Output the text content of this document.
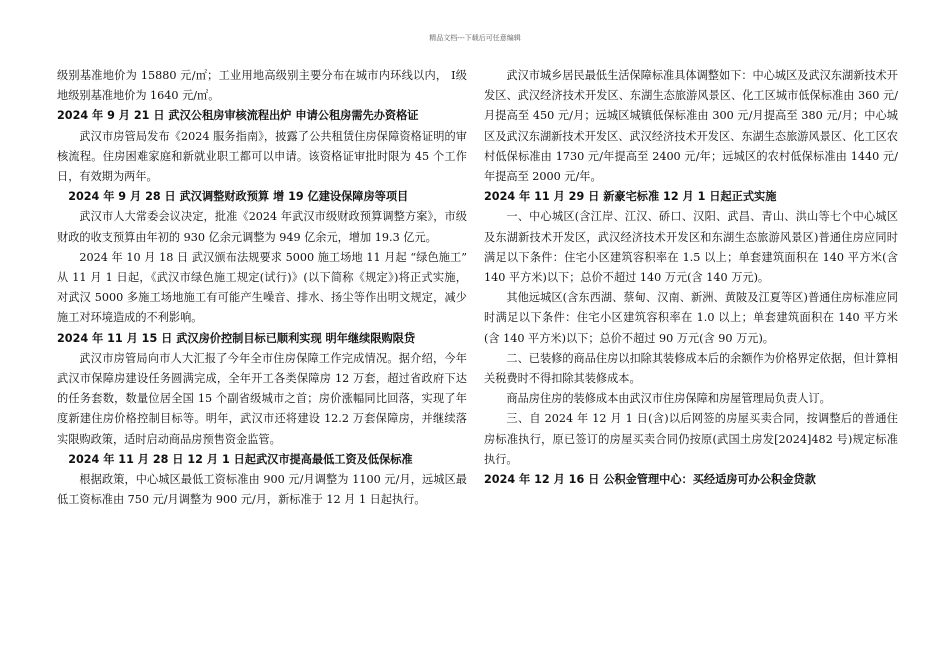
精品文档---下载后可任意编辑

级别基准地价为 15880 元/㎡；工业用地高级别主要分布在城市内环线以内， Ⅰ级地级别基准地价为 1640 元/㎡。

2024 年 9 月 21 日 武汉公租房审核流程出炉 申请公租房需先办资格证

武汉市房管局发布《2024 服务指南》，披露了公共租赁住房保障资格证明的审核流程。住房困难家庭和新就业职工都可以申请。该资格证审批时限为 45 个工作日，有效期为两年。

2024 年 9 月 28 日 武汉调整财政预算 增 19 亿建设保障房等项目

武汉市人大常委会议决定，批准《2024 年武汉市级财政预算调整方案》，市级财政的收支预算由年初的 930 亿余元调整为 949 亿余元，增加 19.3 亿元。

2024 年 10 月 18 日 武汉颁布法规要求 5000 施工场地 11 月起 “绿色施工” 从 11 月 1 日起，《武汉市绿色施工规定(试行)》(以下简称《规定》)将正式实施，对武汉 5000 多施工场地施工有可能产生噪音、排水、扬尘等作出明文规定，减少施工对环境造成的不利影响。

2024 年 11 月 15 日 武汉房价控制目标已顺利实现 明年继续限购限贷

武汉市房管局向市人大汇报了今年全市住房保障工作完成情况。据介绍，今年武汉市保障房建设任务圆满完成，全年开工各类保障房 12 万套，超过省政府下达的任务套数，数量位居全国 15 个副省级城市之首；房价涨幅同比回落，实现了年度新建住房价格控制目标等。明年，武汉市还将建设 12.2 万套保障房，并继续落实限购政策，适时启动商品房预售资金监管。

2024 年 11 月 28 日 12 月 1 日起武汉市提高最低工资及低保标准

根据政策，中心城区最低工资标准由 900 元/月调整为 1100 元/月，远城区最低工资标准由 750 元/月调整为 900 元/月，新标准于 12 月 1 日起执行。

武汉市城乡居民最低生活保障标准具体调整如下：中心城区及武汉东湖新技术开发区、武汉经济技术开发区、东湖生态旅游风景区、化工区城市低保标准由 360 元/月提高至 450 元/月；远城区城镇低保标准由 300 元/月提高至 380 元/月；中心城区及武汉东湖新技术开发区、武汉经济技术开发区、东湖生态旅游风景区、化工区农村低保标准由 1730 元/年提高至 2400 元/年；远城区的农村低保标准由 1440 元/年提高至 2000 元/年。

2024 年 11 月 29 日 新豪宅标准 12 月 1 日起正式实施

一、中心城区(含江岸、江汉、硚口、汉阳、武昌、青山、洪山等七个中心城区及东湖新技术开发区，武汉经济技术开发区和东湖生态旅游风景区)普通住房应同时满足以下条件：住宅小区建筑容积率在 1.5 以上；单套建筑面积在 140 平方米(含 140 平方米)以下；总价不超过 140 万元(含 140 万元)。

其他远城区(含东西湖、蔡甸、汉南、新洲、黄陂及江夏等区)普通住房标准应同时满足以下条件：住宅小区建筑容积率在 1.0 以上；单套建筑面积在 140 平方米(含 140 平方米)以下；总价不超过 90 万元(含 90 万元)。

二、已装修的商品住房以扣除其装修成本后的余额作为价格界定依据，但计算相关税费时不得扣除其装修成本。

商品房住房的装修成本由武汉市住房保障和房屋管理局负责人订。

三、自 2024 年 12 月 1 日(含)以后网签的房屋买卖合同，按调整后的普通住房标准执行，原已签订的房屋买卖合同仍按原(武国土房发[2024]482 号)规定标准执行。

2024 年 12 月 16 日 公积金管理中心：买经适房可办公积金贷款
